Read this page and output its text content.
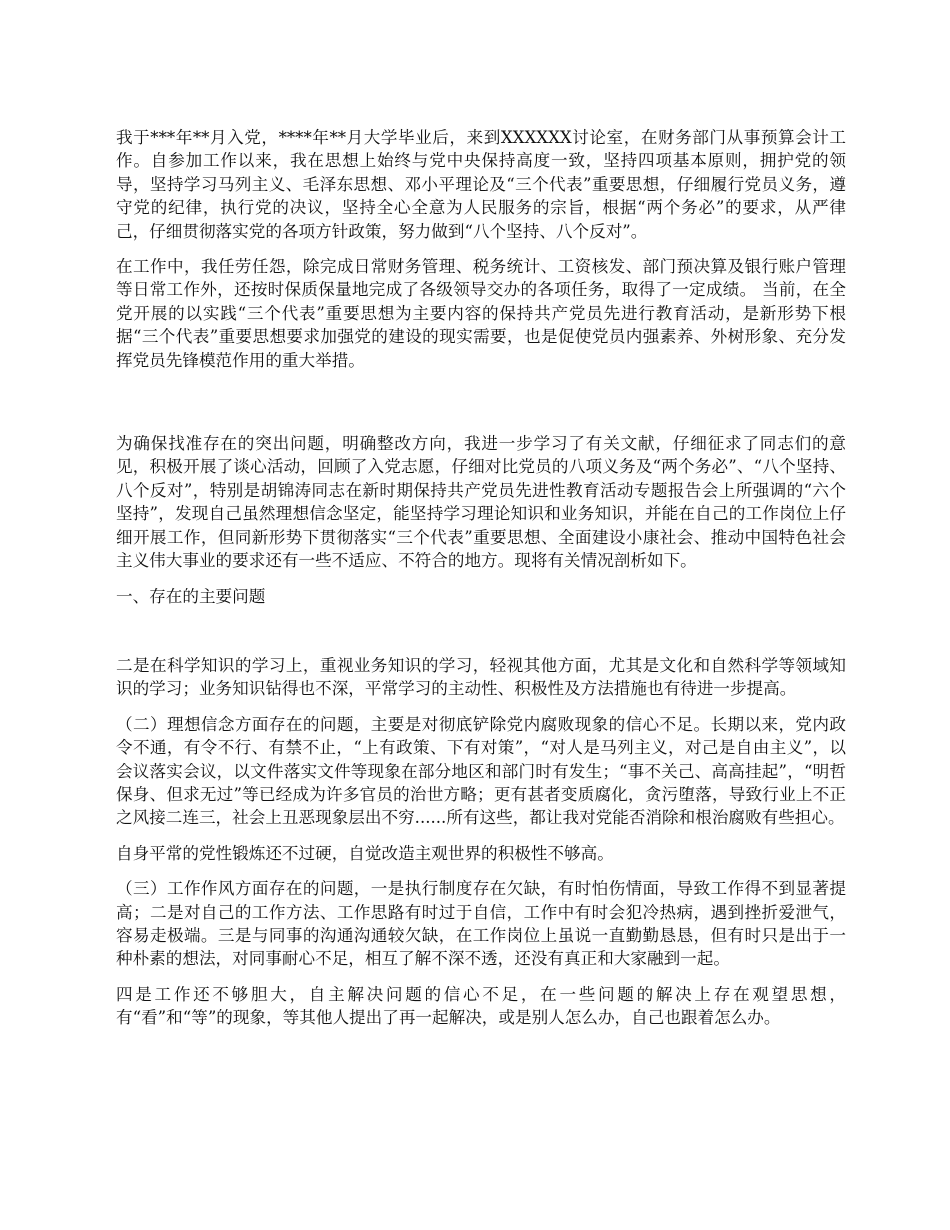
我于***年**月入党，****年**月大学毕业后，来到XXXXXX讨论室，在财务部门从事预算会计工作。自参加工作以来，我在思想上始终与党中央保持高度一致，坚持四项基本原则，拥护党的领导，坚持学习马列主义、毛泽东思想、邓小平理论及“三个代表”重要思想，仔细履行党员义务，遵守党的纪律，执行党的决议，坚持全心全意为人民服务的宗旨，根据“两个务必”的要求，从严律己，仔细贯彻落实党的各项方针政策，努力做到“八个坚持、八个反对”。

在工作中，我任劳任怨，除完成日常财务管理、税务统计、工资核发、部门预决算及银行账户管理等日常工作外，还按时保质保量地完成了各级领导交办的各项任务，取得了一定成绩。 当前，在全党开展的以实践“三个代表”重要思想为主要内容的保持共产党员先进行教育活动，是新形势下根据“三个代表”重要思想要求加强党的建设的现实需要，也是促使党员内强素养、外树形象、充分发挥党员先锋模范作用的重大举措。

为确保找准存在的突出问题，明确整改方向，我进一步学习了有关文献，仔细征求了同志们的意见，积极开展了谈心活动，回顾了入党志愿，仔细对比党员的八项义务及“两个务必”、“八个坚持、八个反对”，特别是胡锦涛同志在新时期保持共产党员先进性教育活动专题报告会上所强调的“六个坚持”，发现自己虽然理想信念坚定，能坚持学习理论知识和业务知识，并能在自己的工作岗位上仔细开展工作，但同新形势下贯彻落实“三个代表”重要思想、全面建设小康社会、推动中国特色社会主义伟大事业的要求还有一些不适应、不符合的地方。现将有关情况剖析如下。

一、存在的主要问题

二是在科学知识的学习上，重视业务知识的学习，轻视其他方面，尤其是文化和自然科学等领域知识的学习；业务知识钻得也不深，平常学习的主动性、积极性及方法措施也有待进一步提高。

（二）理想信念方面存在的问题，主要是对彻底铲除党内腐败现象的信心不足。长期以来，党内政令不通，有令不行、有禁不止，“上有政策、下有对策”，“对人是马列主义，对己是自由主义”，以会议落实会议，以文件落实文件等现象在部分地区和部门时有发生；“事不关己、高高挂起”，“明哲保身、但求无过”等已经成为许多官员的治世方略；更有甚者变质腐化，贪污堕落，导致行业上不正之风接二连三，社会上丑恶现象层出不穷......所有这些，都让我对党能否消除和根治腐败有些担心。

自身平常的党性锻炼还不过硬，自觉改造主观世界的积极性不够高。

（三）工作作风方面存在的问题，一是执行制度存在欠缺，有时怕伤情面，导致工作得不到显著提高；二是对自己的工作方法、工作思路有时过于自信，工作中有时会犯冷热病，遇到挫折爱泄气，容易走极端。三是与同事的沟通沟通较欠缺，在工作岗位上虽说一直勤勤恳恳，但有时只是出于一种朴素的想法，对同事耐心不足，相互了解不深不透，还没有真正和大家融到一起。

四是工作还不够胆大，自主解决问题的信心不足，在一些问题的解决上存在观望思想，有“看”和“等”的现象，等其他人提出了再一起解决，或是别人怎么办，自己也跟着怎么办。
